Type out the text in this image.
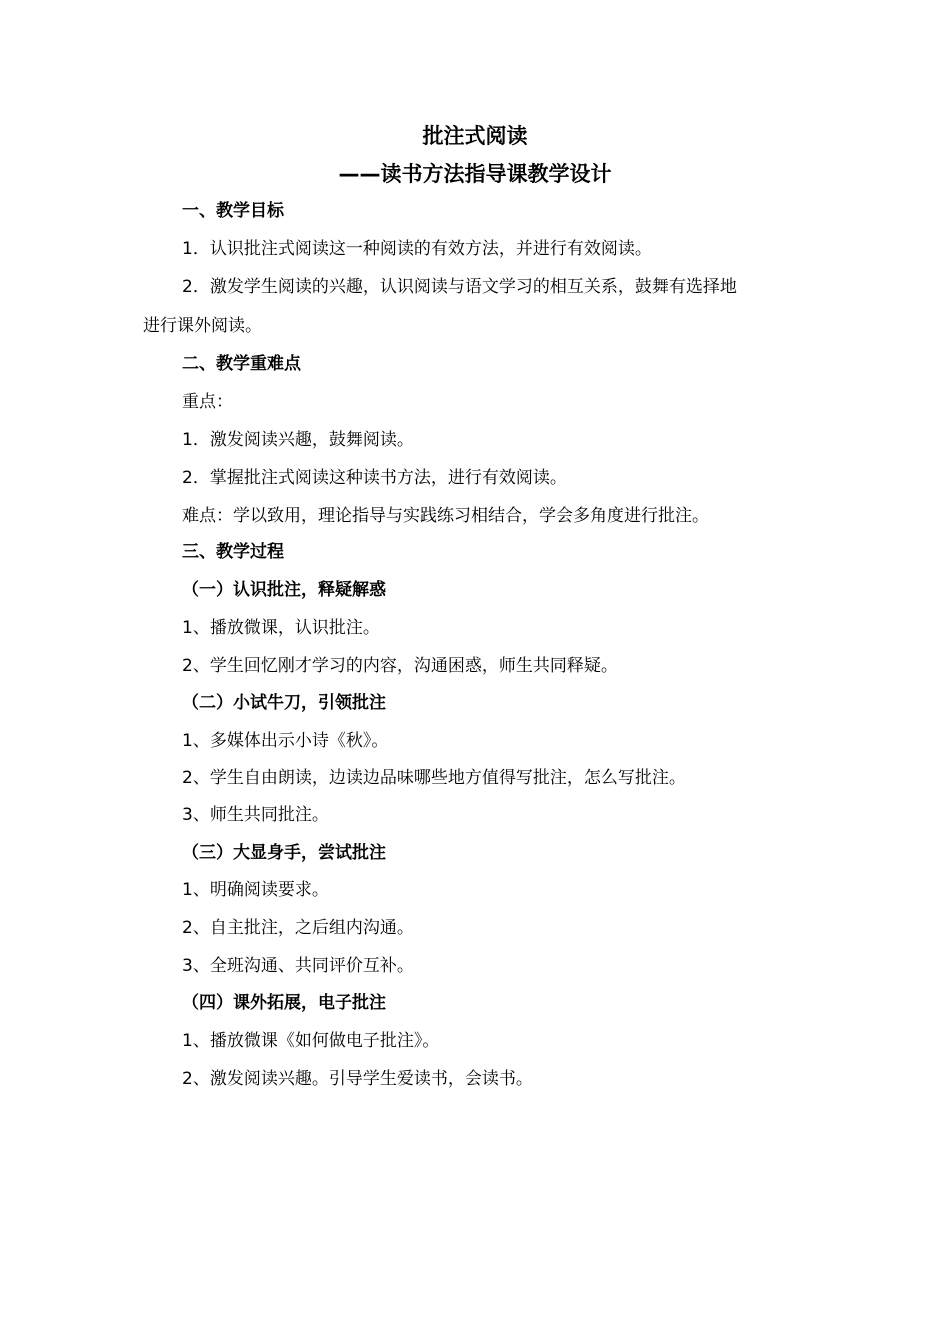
批注式阅读
——读书方法指导课教学设计
一、教学目标
1．认识批注式阅读这一种阅读的有效方法，并进行有效阅读。
2．激发学生阅读的兴趣，认识阅读与语文学习的相互关系，鼓舞有选择地
进行课外阅读。
二、教学重难点
重点：
1．激发阅读兴趣，鼓舞阅读。
2．掌握批注式阅读这种读书方法，进行有效阅读。
难点：学以致用，理论指导与实践练习相结合，学会多角度进行批注。
三、教学过程
（一）认识批注，释疑解惑
1、播放微课，认识批注。
2、学生回忆刚才学习的内容，沟通困惑，师生共同释疑。
（二）小试牛刀，引领批注
1、多媒体出示小诗《秋》。
2、学生自由朗读，边读边品味哪些地方值得写批注，怎么写批注。
3、师生共同批注。
（三）大显身手，尝试批注
1、明确阅读要求。
2、自主批注，之后组内沟通。
3、全班沟通、共同评价互补。
（四）课外拓展，电子批注
1、播放微课《如何做电子批注》。
2、激发阅读兴趣。引导学生爱读书，会读书。
